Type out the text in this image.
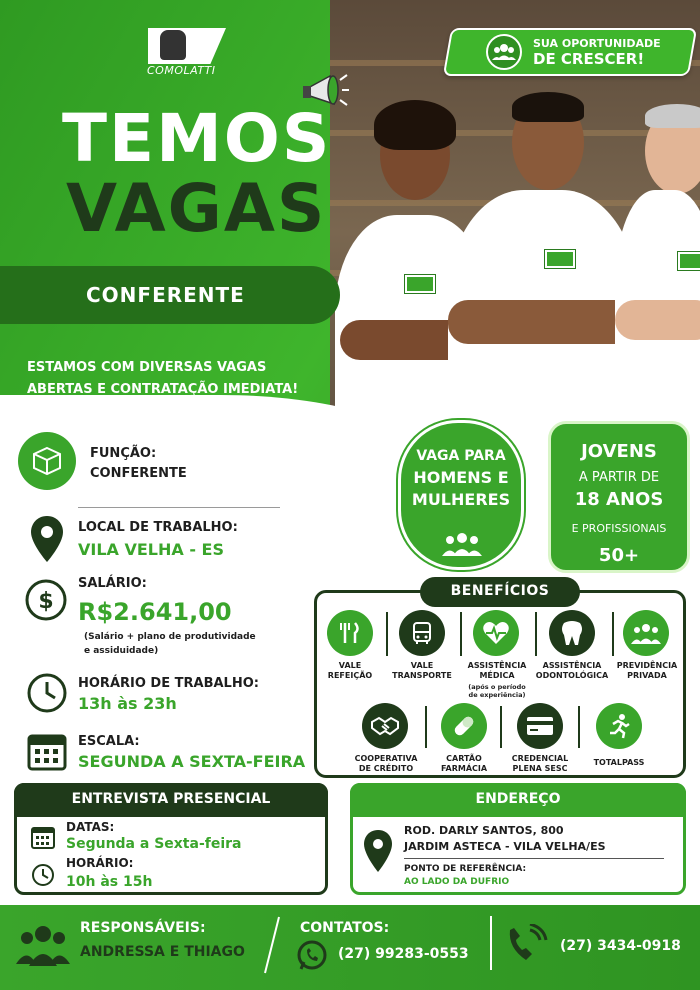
COMOLATTI
TEMOS
VAGAS
CONFERENTE
ESTAMOS COM DIVERSAS VAGAS
ABERTAS E CONTRATAÇÃO IMEDIATA!
SUA OPORTUNIDADE
DE CRESCER!
FUNÇÃO:
CONFERENTE
LOCAL DE TRABALHO:
VILA VELHA - ES
$
SALÁRIO:
R$2.641,00
(Salário + plano de produtividade
e assiduidade)
HORÁRIO DE TRABALHO:
13h às 23h
ESCALA:
SEGUNDA A SEXTA-FEIRA
VAGA PARA
HOMENS E
MULHERES
JOVENS
A PARTIR DE
18 ANOS
E PROFISSIONAIS
50+
BENEFÍCIOS
VALE
REFEIÇÃO
VALE
TRANSPORTE
ASSISTÊNCIA
MÉDICA
(após o período
de experiência)
ASSISTÊNCIA
ODONTOLÓGICA
PREVIDÊNCIA
PRIVADA
COOPERATIVA
DE CRÉDITO
CARTÃO
FARMÁCIA
CREDENCIAL
PLENA SESC
TOTALPASS
ENTREVISTA PRESENCIAL
DATAS:
Segunda a Sexta-feira
HORÁRIO:
10h às 15h
ENDEREÇO
ROD. DARLY SANTOS, 800
JARDIM ASTECA - VILA VELHA/ES
PONTO DE REFERÊNCIA:
AO LADO DA DUFRIO
RESPONSÁVEIS:
ANDRESSA E THIAGO
CONTATOS:
(27) 99283-0553	(27) 3434-0918
